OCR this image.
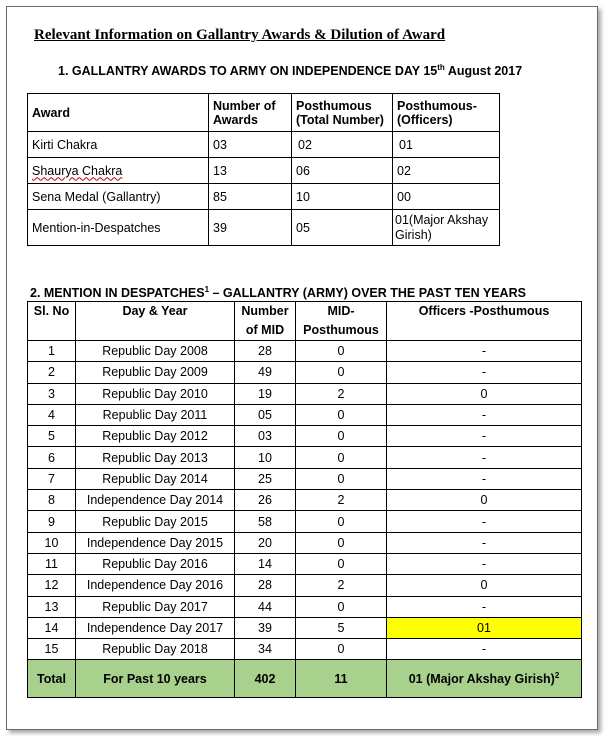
Relevant Information on Gallantry Awards & Dilution of Award
1. GALLANTRY AWARDS TO ARMY ON INDEPENDENCE DAY 15th August 2017
Award	Number of Awards	Posthumous (Total Number)	Posthumous- (Officers)
Kirti Chakra	03	02	01
Shaurya Chakra	13	06	02
Sena Medal (Gallantry)	85	10	00
Mention-in-Despatches	39	05	01(Major Akshay Girish)
2. MENTION IN DESPATCHES$^1$ – GALLANTRY (ARMY) OVER THE PAST TEN YEARS
Sl. No	Day & Year	Number of MID	MID-Posthumous	Officers -Posthumous
1	Republic Day 2008	28	0	-
2	Republic Day 2009	49	0	-
3	Republic Day 2010	19	2	0
4	Republic Day 2011	05	0	-
5	Republic Day 2012	03	0	-
6	Republic Day 2013	10	0	-
7	Republic Day 2014	25	0	-
8	Independence Day 2014	26	2	0
9	Republic Day 2015	58	0	-
10	Independence Day 2015	20	0	-
11	Republic Day 2016	14	0	-
12	Independence Day 2016	28	2	0
13	Republic Day 2017	44	0	-
14	Independence Day 2017	39	5	01
15	Republic Day 2018	34	0	-
Total	For Past 10 years	402	11	01 (Major Akshay Girish)$^2$
